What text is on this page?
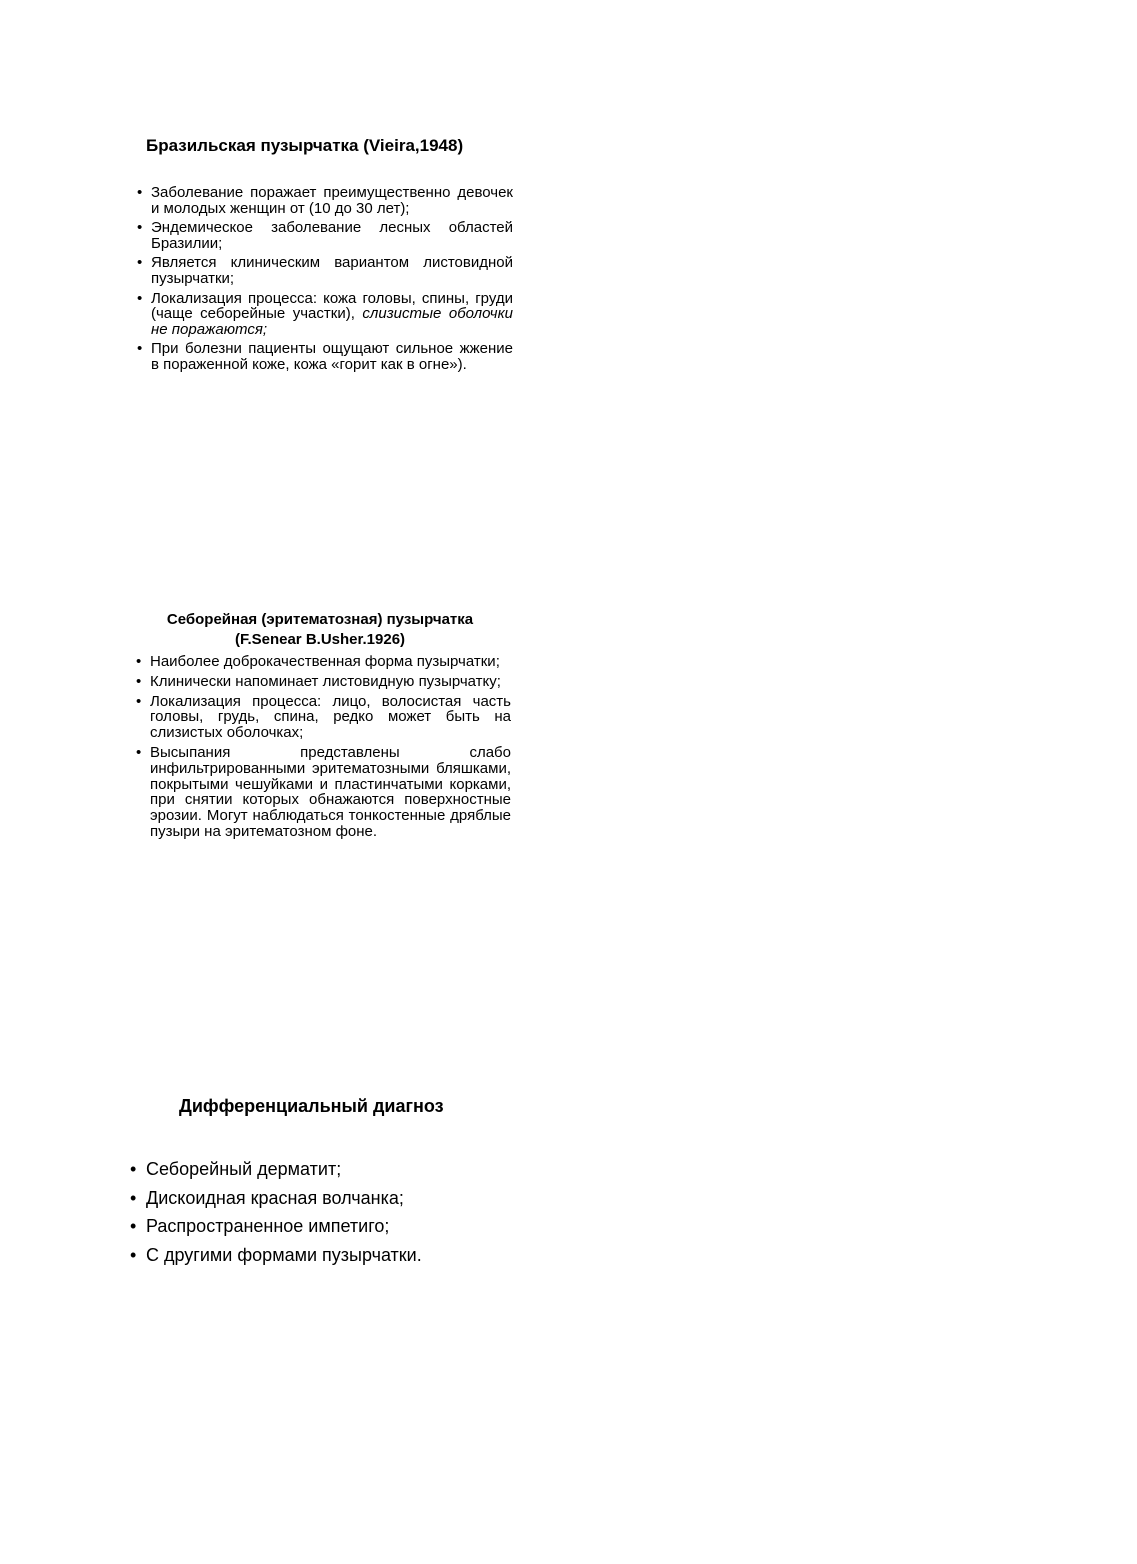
Бразильская пузырчатка (Vieira,1948)
• Заболевание поражает преимущественно девочек и молодых женщин от (10 до 30 лет);
• Эндемическое заболевание лесных областей Бразилии;
• Является клиническим вариантом листовидной пузырчатки;
• Локализация процесса: кожа головы, спины, груди (чаще себорейные участки), слизистые оболочки не поражаются;
• При болезни пациенты ощущают сильное жжение в пораженной коже, кожа «горит как в огне»).
Себорейная (эритематозная) пузырчатка
(F.Senear B.Usher.1926)
• Наиболее доброкачественная форма пузырчатки;
• Клинически напоминает листовидную пузырчатку;
• Локализация процесса: лицо, волосистая часть головы, грудь, спина, редко может быть на слизистых оболочках;
• Высыпания представлены слабо инфильтрированными эритематозными бляшками, покрытыми чешуйками и пластинчатыми корками, при снятии которых обнажаются поверхностные эрозии. Могут наблюдаться тонкостенные дряблые пузыри на эритематозном фоне.
Дифференциальный диагноз
• Себорейный дерматит;
• Дискоидная красная волчанка;
• Распространенное импетиго;
• С другими формами пузырчатки.
